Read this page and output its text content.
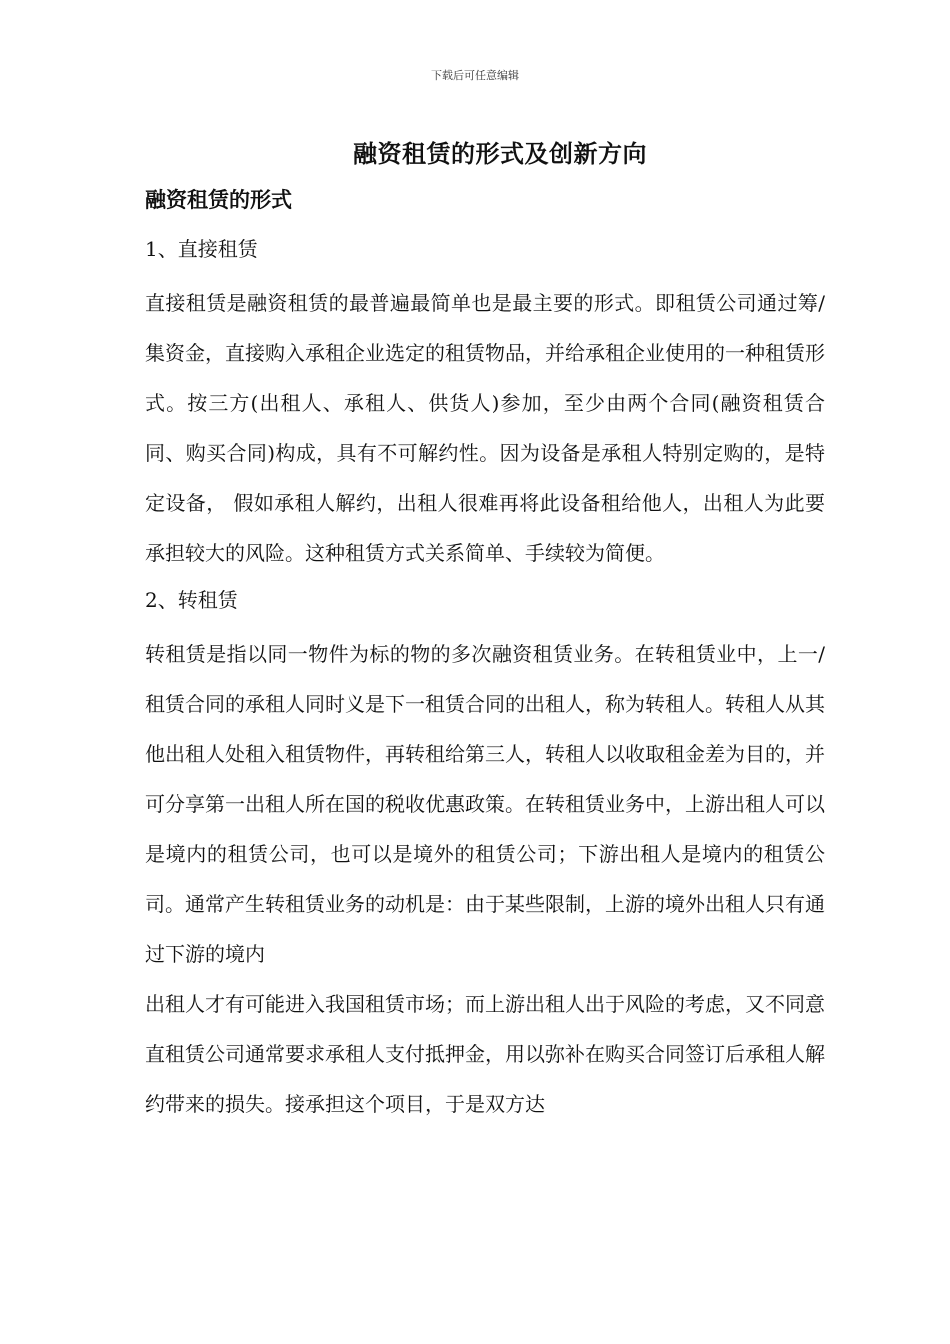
下载后可任意编辑
融资租赁的形式及创新方向
融资租赁的形式
1、直接租赁

直接租赁是融资租赁的最普遍最简单也是最主要的形式。即租赁公司通过筹/集资金，直接购入承租企业选定的租赁物品，并给承租企业使用的一种租赁形式。按三方(出租人、承租人、供货人)参加，至少由两个合同(融资租赁合同、购买合同)构成，具有不可解约性。因为设备是承租人特别定购的，是特定设备， 假如承租人解约，出租人很难再将此设备租给他人，出租人为此要承担较大的风险。这种租赁方式关系简单、手续较为简便。

2、转租赁

转租赁是指以同一物件为标的物的多次融资租赁业务。在转租赁业中，上一/租赁合同的承租人同时义是下一租赁合同的出租人，称为转租人。转租人从其他出租人处租入租赁物件，再转租给第三人，转租人以收取租金差为目的，并可分享第一出租人所在国的税收优惠政策。在转租赁业务中，上游出租人可以是境内的租赁公司，也可以是境外的租赁公司；下游出租人是境内的租赁公司。通常产生转租赁业务的动机是：由于某些限制，上游的境外出租人只有通过下游的境内

出租人才有可能进入我国租赁市场；而上游出租人出于风险的考虑，又不同意直租赁公司通常要求承租人支付抵押金，用以弥补在购买合同签订后承租人解约带来的损失。接承担这个项目，于是双方达
